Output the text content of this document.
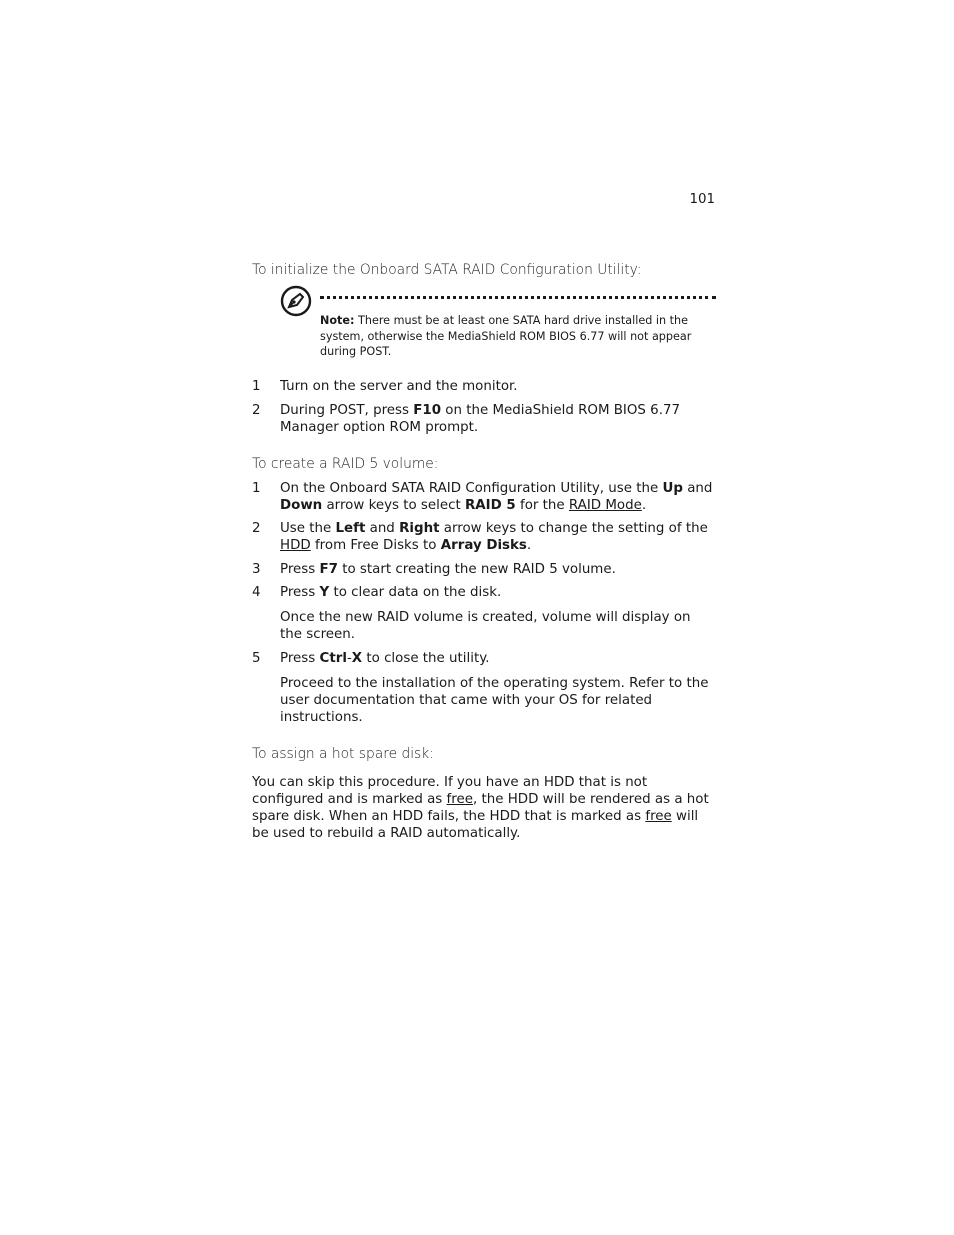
101
To initialize the Onboard SATA RAID Configuration Utility:
Note: There must be at least one SATA hard drive installed in the system, otherwise the MediaShield ROM BIOS 6.77 will not appear during POST.
1 Turn on the server and the monitor.
2 During POST, press F10 on the MediaShield ROM BIOS 6.77 Manager option ROM prompt.
To create a RAID 5 volume:
1 On the Onboard SATA RAID Configuration Utility, use the Up and Down arrow keys to select RAID 5 for the RAID Mode.
2 Use the Left and Right arrow keys to change the setting of the HDD from Free Disks to Array Disks.
3 Press F7 to start creating the new RAID 5 volume.
4 Press Y to clear data on the disk.
Once the new RAID volume is created, volume will display on the screen.
5 Press Ctrl-X to close the utility.
Proceed to the installation of the operating system. Refer to the user documentation that came with your OS for related instructions.
To assign a hot spare disk:
You can skip this procedure. If you have an HDD that is not configured and is marked as free, the HDD will be rendered as a hot spare disk. When an HDD fails, the HDD that is marked as free will be used to rebuild a RAID automatically.
